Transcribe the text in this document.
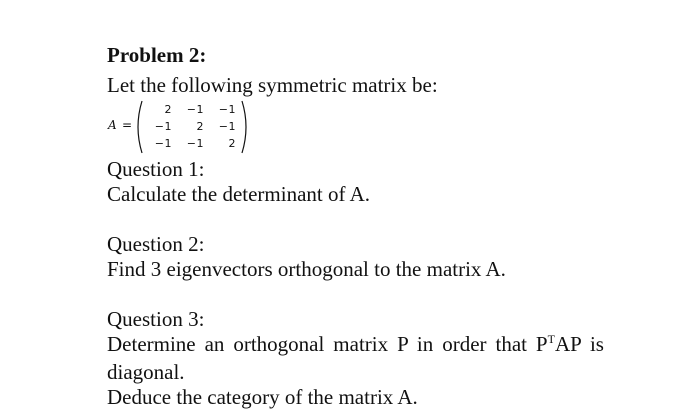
Problem 2:
Let the following symmetric matrix be:
A =
2	−1	−1
−1	2	−1
−1	−1	2
Question 1:
Calculate the determinant of A.
Question 2:
Find 3 eigenvectors orthogonal to the matrix A.
Question 3:
Determine an orthogonal matrix P in order that $P^TAP$ is diagonal.
Deduce the category of the matrix A.
